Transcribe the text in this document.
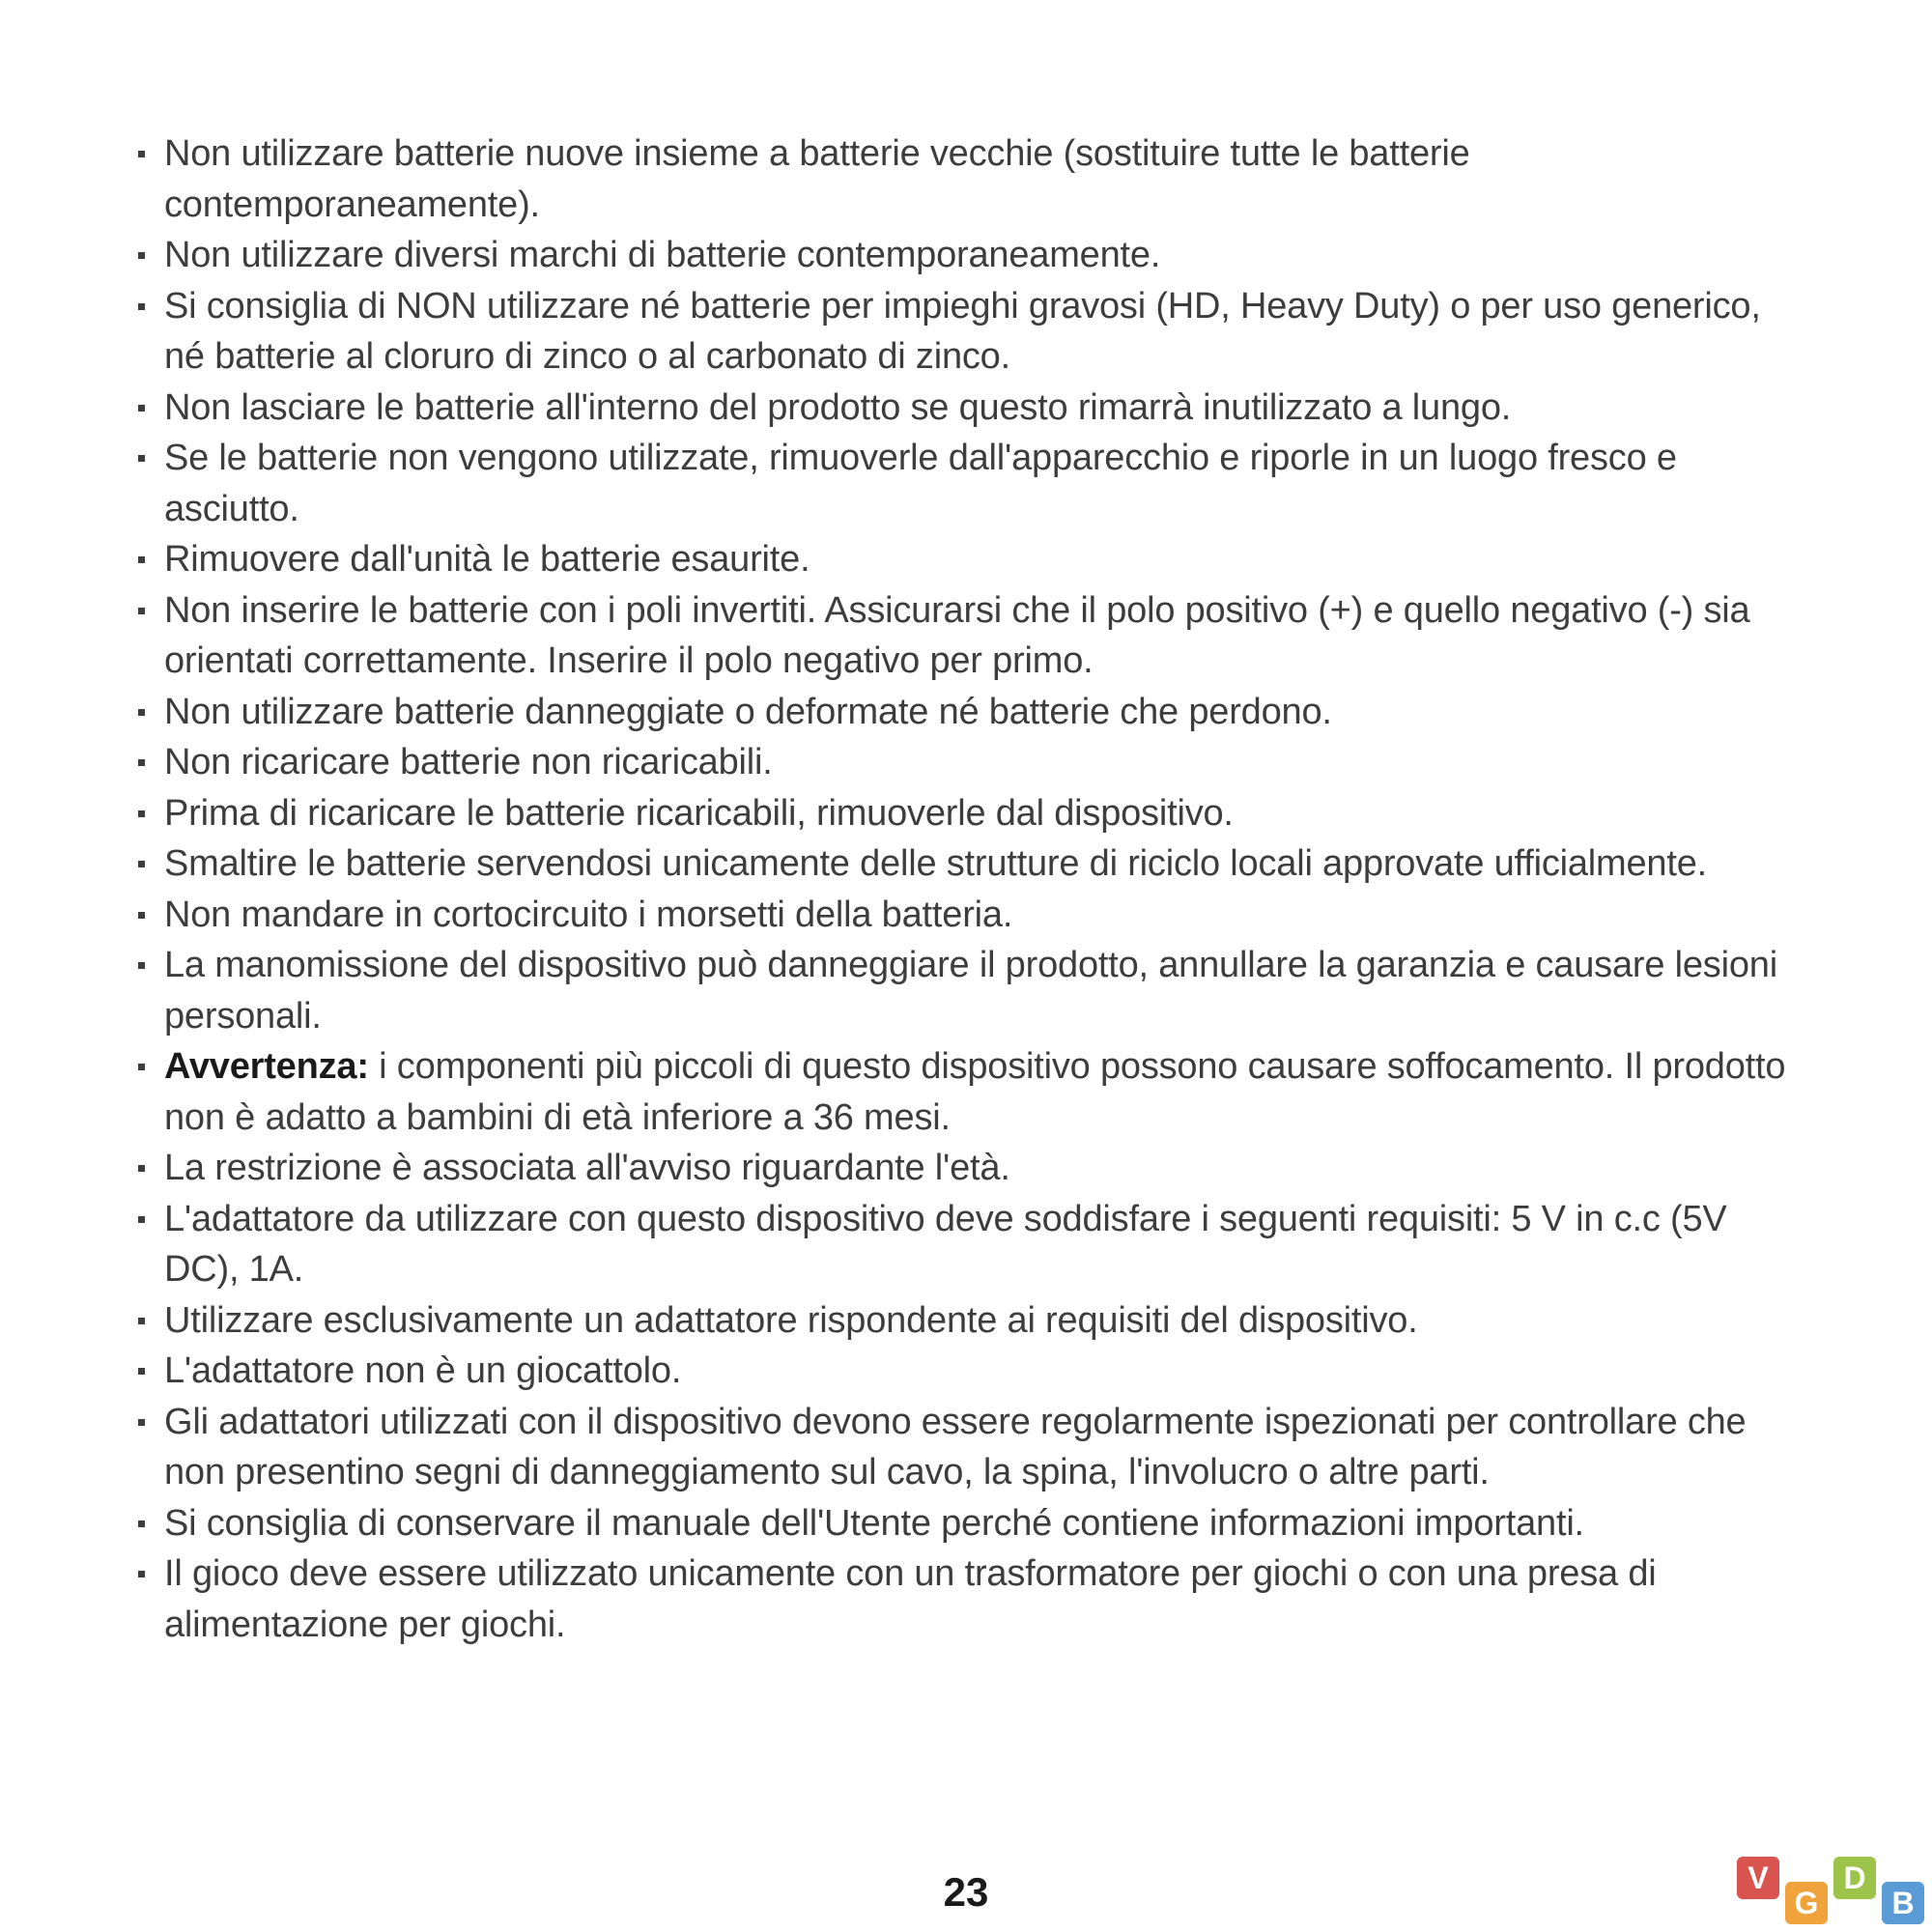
Non utilizzare batterie nuove insieme a batterie vecchie (sostituire tutte le batterie contemporaneamente).
Non utilizzare diversi marchi di batterie contemporaneamente.
Si consiglia di NON utilizzare né batterie per impieghi gravosi (HD, Heavy Duty) o per uso generico, né batterie al cloruro di zinco o al carbonato di zinco.
Non lasciare le batterie all'interno del prodotto se questo rimarrà inutilizzato a lungo.
Se le batterie non vengono utilizzate, rimuoverle dall'apparecchio e riporle in un luogo fresco e asciutto.
Rimuovere dall'unità le batterie esaurite.
Non inserire le batterie con i poli invertiti. Assicurarsi che il polo positivo (+) e quello negativo (-) sia orientati correttamente. Inserire il polo negativo per primo.
Non utilizzare batterie danneggiate o deformate né batterie che perdono.
Non ricaricare batterie non ricaricabili.
Prima di ricaricare le batterie ricaricabili, rimuoverle dal dispositivo.
Smaltire le batterie servendosi unicamente delle strutture di riciclo locali approvate ufficialmente.
Non mandare in cortocircuito i morsetti della batteria.
La manomissione del dispositivo può danneggiare il prodotto, annullare la garanzia e causare lesioni personali.
Avvertenza: i componenti più piccoli di questo dispositivo possono causare soffocamento. Il prodotto non è adatto a bambini di età inferiore a 36 mesi.
La restrizione è associata all'avviso riguardante l'età.
L'adattatore da utilizzare con questo dispositivo deve soddisfare i seguenti requisiti: 5 V in c.c (5V DC), 1A.
Utilizzare esclusivamente un adattatore rispondente ai requisiti del dispositivo.
L'adattatore non è un giocattolo.
Gli adattatori utilizzati con il dispositivo devono essere regolarmente ispezionati per controllare che non presentino segni di danneggiamento sul cavo, la spina, l'involucro o altre parti.
Si consiglia di conservare il manuale dell'Utente perché contiene informazioni importanti.
Il gioco deve essere utilizzato unicamente con un trasformatore per giochi o con una presa di alimentazione per giochi.
23	V
G
D
B
